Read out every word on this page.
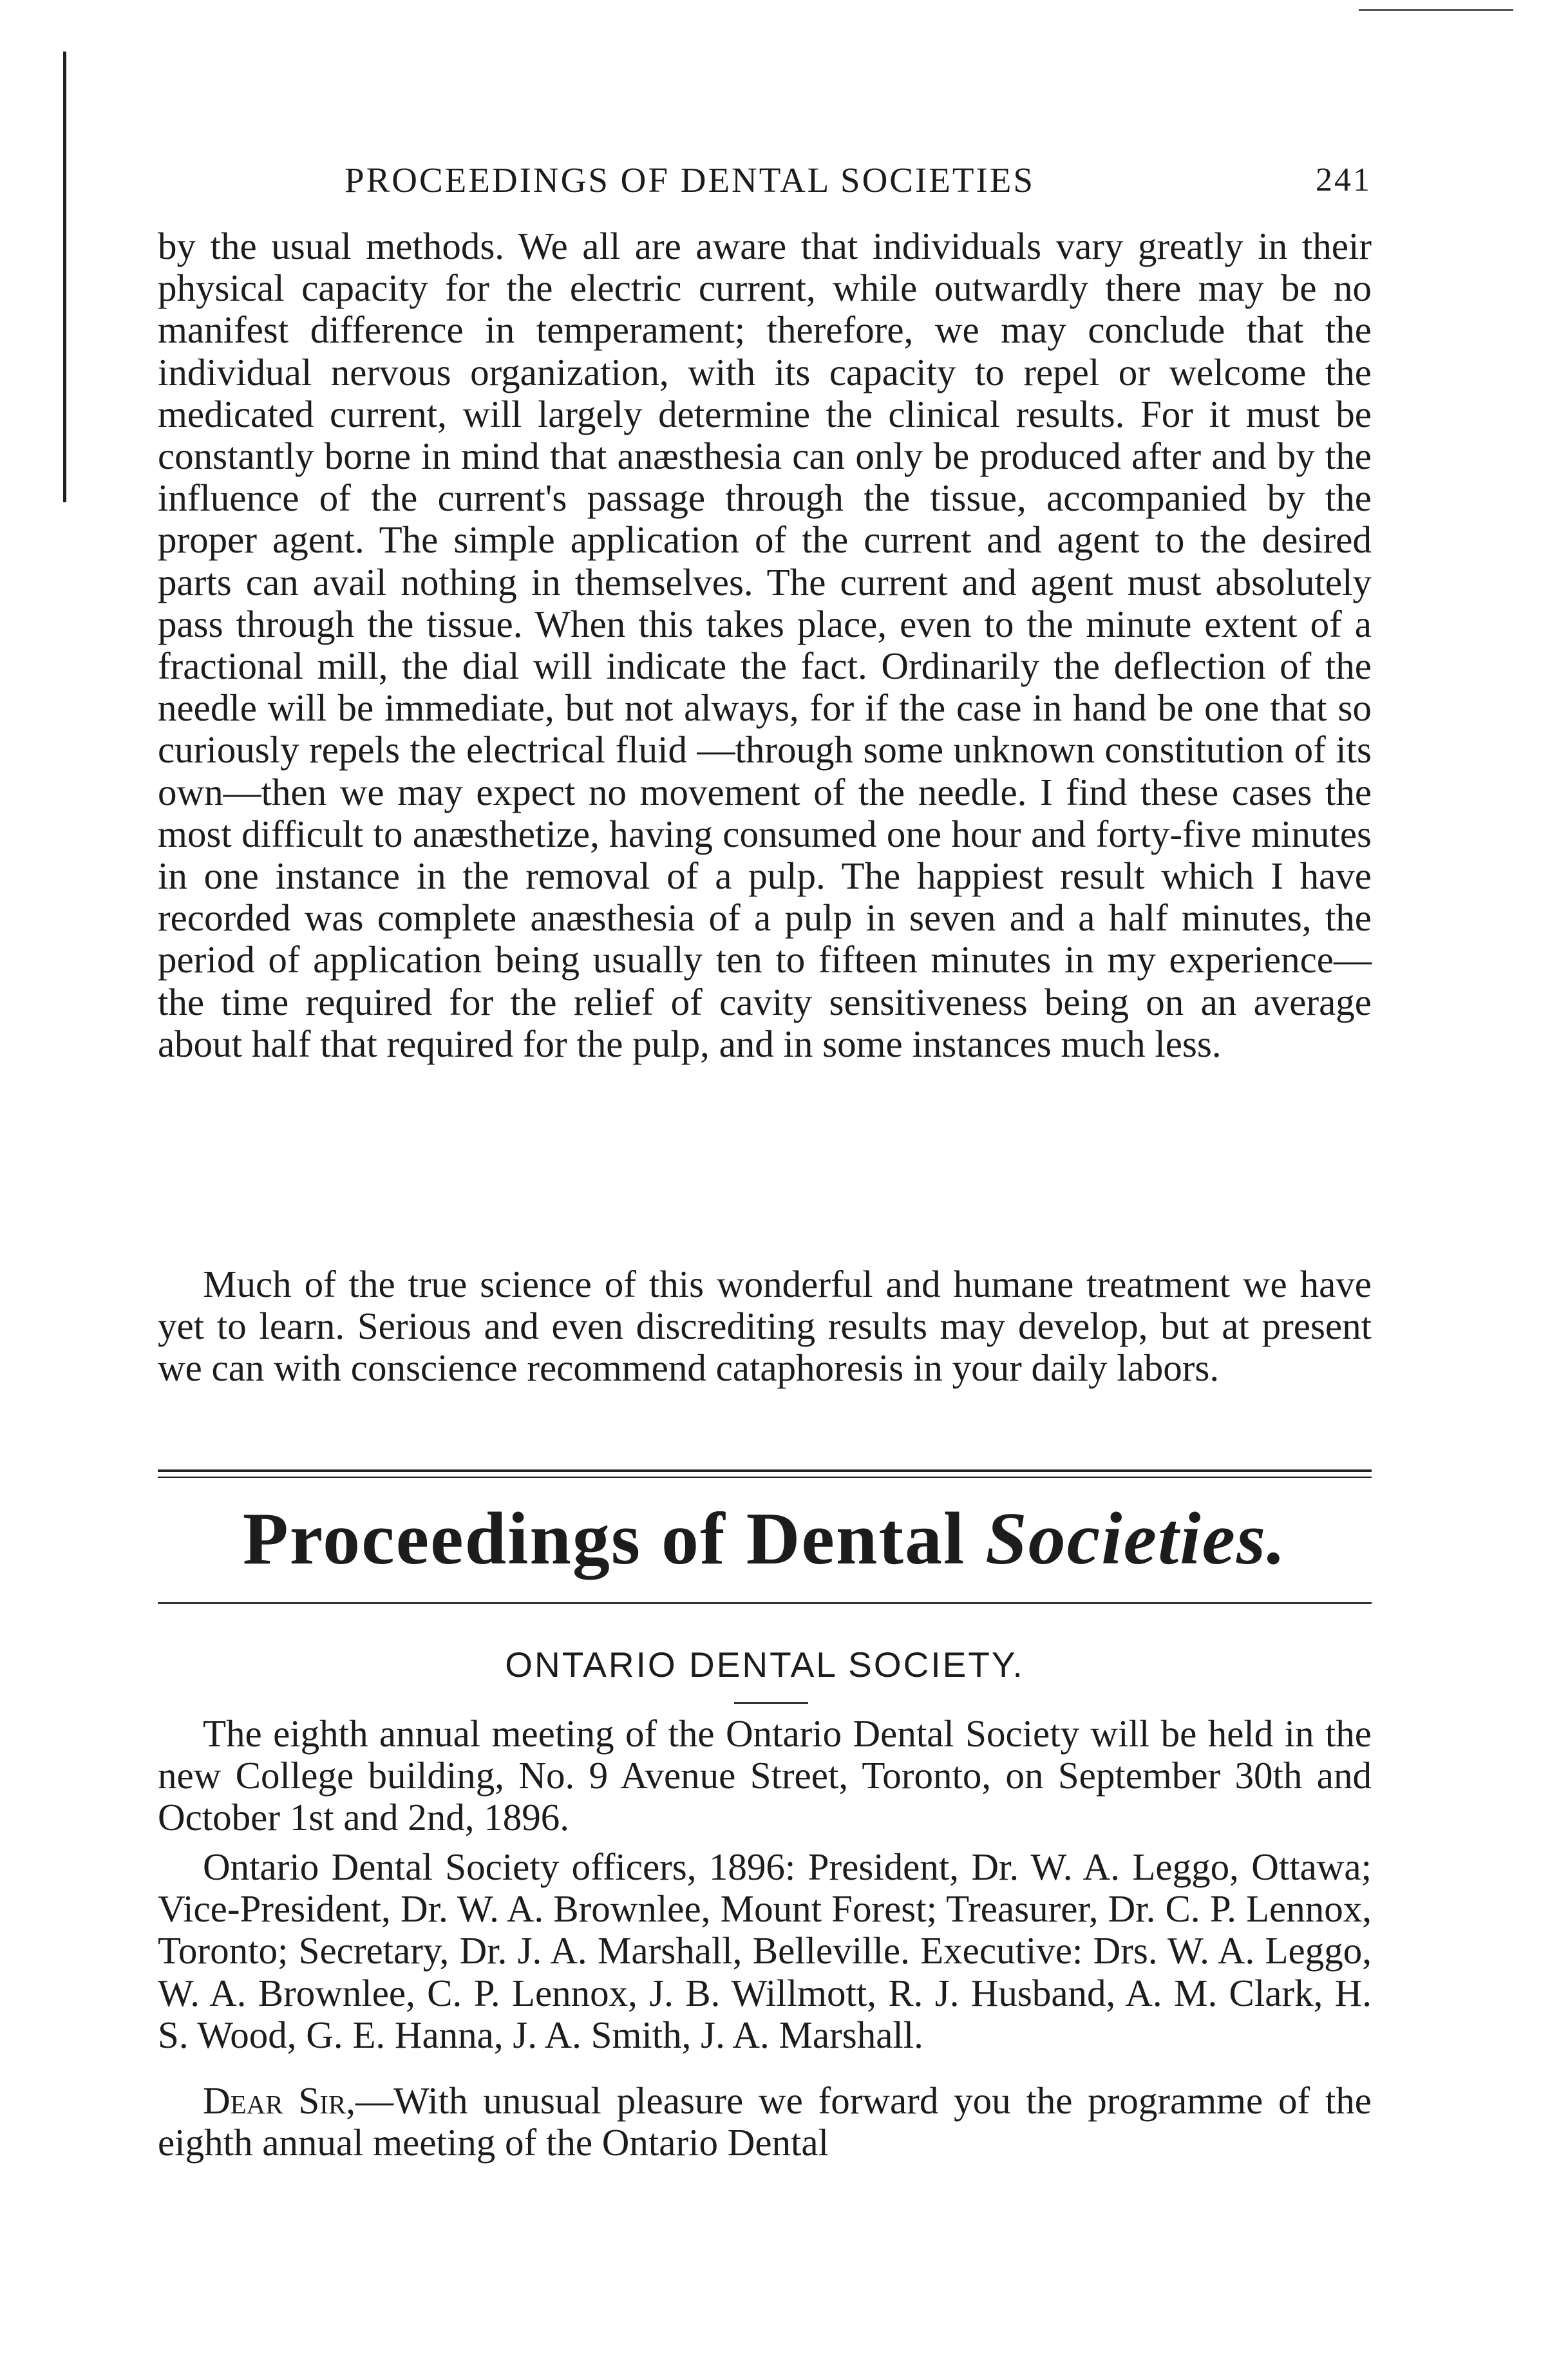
PROCEEDINGS OF DENTAL SOCIETIES	241

by the usual methods. We all are aware that individuals vary greatly in their physical capacity for the electric current, while outwardly there may be no manifest difference in temperament; therefore, we may conclude that the individual nervous organization, with its capacity to repel or welcome the medicated current, will largely determine the clinical results. For it must be constantly borne in mind that anæsthesia can only be produced after and by the influence of the current's passage through the tissue, accompanied by the proper agent. The simple application of the current and agent to the desired parts can avail nothing in themselves. The current and agent must absolutely pass through the tissue. When this takes place, even to the minute extent of a fractional mill, the dial will indicate the fact. Ordinarily the deflection of the needle will be immediate, but not always, for if the case in hand be one that so curiously repels the electrical fluid —through some unknown constitution of its own—then we may expect no movement of the needle. I find these cases the most difficult to anæsthetize, having consumed one hour and forty-five minutes in one instance in the removal of a pulp. The happiest result which I have recorded was complete anæsthesia of a pulp in seven and a half minutes, the period of application being usually ten to fifteen minutes in my experience—the time required for the relief of cavity sensitiveness being on an average about half that required for the pulp, and in some instances much less.

Much of the true science of this wonderful and humane treatment we have yet to learn. Serious and even discrediting results may develop, but at present we can with conscience recommend cataphoresis in your daily labors.

Proceedings of Dental Societies.
ONTARIO DENTAL SOCIETY.

The eighth annual meeting of the Ontario Dental Society will be held in the new College building, No. 9 Avenue Street, Toronto, on September 30th and October 1st and 2nd, 1896.

Ontario Dental Society officers, 1896: President, Dr. W. A. Leggo, Ottawa; Vice-President, Dr. W. A. Brownlee, Mount Forest; Treasurer, Dr. C. P. Lennox, Toronto; Secretary, Dr. J. A. Marshall, Belleville. Executive: Drs. W. A. Leggo, W. A. Brownlee, C. P. Lennox, J. B. Willmott, R. J. Husband, A. M. Clark, H. S. Wood, G. E. Hanna, J. A. Smith, J. A. Marshall.

Dear Sir,—With unusual pleasure we forward you the programme of the eighth annual meeting of the Ontario Dental
